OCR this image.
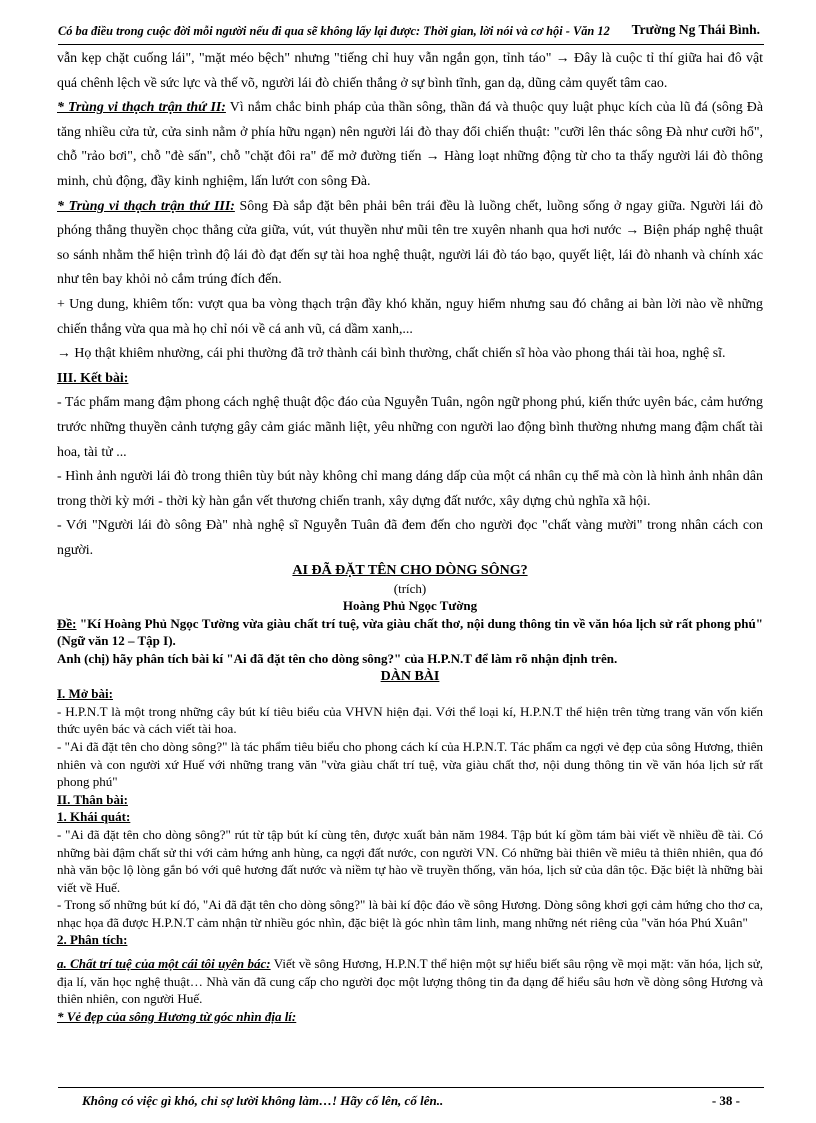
Có ba điều trong cuộc đời mỗi người nếu đi qua sẽ không lấy lại được: Thời gian, lời nói và cơ hội - Văn 12 Trường Ng Thái Bình.

vẫn kẹp chặt cuống lái", "mặt méo bệch" nhưng "tiếng chỉ huy vẫn ngắn gọn, tỉnh táo" → Đây là cuộc tỉ thí giữa hai đô vật quá chênh lệch về sức lực và thế võ, người lái đò chiến thắng ở sự bình tĩnh, gan dạ, dũng cảm quyết tâm cao.

* Trùng vi thạch trận thứ II: Vì nắm chắc binh pháp của thần sông, thần đá và thuộc quy luật phục kích của lũ đá (sông Đà tăng nhiều cửa tử, cửa sinh nằm ở phía hữu ngạn) nên người lái đò thay đổi chiến thuật: "cưỡi lên thác sông Đà như cưỡi hổ", chỗ "rảo bơi", chỗ "đè sấn", chỗ "chặt đôi ra" để mở đường tiến → Hàng loạt những động từ cho ta thấy người lái đò thông minh, chủ động, đầy kinh nghiệm, lấn lướt con sông Đà.

* Trùng vi thạch trận thứ III: Sông Đà sắp đặt bên phải bên trái đều là luồng chết, luồng sống ở ngay giữa. Người lái đò phóng thẳng thuyền chọc thẳng cửa giữa, vút, vút thuyền như mũi tên tre xuyên nhanh qua hơi nước → Biện pháp nghệ thuật so sánh nhằm thể hiện trình độ lái đò đạt đến sự tài hoa nghệ thuật, người lái đò táo bạo, quyết liệt, lái đò nhanh và chính xác như tên bay khỏi nỏ cắm trúng đích đến.

+ Ung dung, khiêm tốn: vượt qua ba vòng thạch trận đầy khó khăn, nguy hiểm nhưng sau đó chẳng ai bàn lời nào về những chiến thắng vừa qua mà họ chỉ nói về cá anh vũ, cá dầm xanh,...

→ Họ thật khiêm nhường, cái phi thường đã trở thành cái bình thường, chất chiến sĩ hòa vào phong thái tài hoa, nghệ sĩ.

III. Kết bài:

- Tác phẩm mang đậm phong cách nghệ thuật độc đáo của Nguyễn Tuân, ngôn ngữ phong phú, kiến thức uyên bác, cảm hướng trước những thuyền cảnh tượng gây cảm giác mãnh liệt, yêu những con người lao động bình thường nhưng mang đậm chất tài hoa, tài tử ...

- Hình ảnh người lái đò trong thiên tùy bút này không chỉ mang dáng dấp của một cá nhân cụ thể mà còn là hình ảnh nhân dân trong thời kỳ mới - thời kỳ hàn gắn vết thương chiến tranh, xây dựng đất nước, xây dựng chủ nghĩa xã hội.

- Với "Người lái đò sông Đà" nhà nghệ sĩ Nguyễn Tuân đã đem đến cho người đọc "chất vàng mười" trong nhân cách con người.

AI ĐÃ ĐẶT TÊN CHO DÒNG SÔNG?

(trích)

Hoàng Phủ Ngọc Tường

Đề: "Kí Hoàng Phủ Ngọc Tường vừa giàu chất trí tuệ, vừa giàu chất thơ, nội dung thông tin về văn hóa lịch sử rất phong phú" (Ngữ văn 12 – Tập I).

Anh (chị) hãy phân tích bài kí "Ai đã đặt tên cho dòng sông?" của H.P.N.T để làm rõ nhận định trên.

DÀN BÀI

I. Mở bài:

- H.P.N.T là một trong những cây bút kí tiêu biểu của VHVN hiện đại. Với thể loại kí, H.P.N.T thể hiện trên từng trang văn vốn kiến thức uyên bác và cách viết tài hoa.

- "Ai đã đặt tên cho dòng sông?" là tác phẩm tiêu biểu cho phong cách kí của H.P.N.T. Tác phẩm ca ngợi vẻ đẹp của sông Hương, thiên nhiên và con người xứ Huế với những trang văn "vừa giàu chất trí tuệ, vừa giàu chất thơ, nội dung thông tin về văn hóa lịch sử rất phong phú"

II. Thân bài:

1. Khái quát:

- "Ai đã đặt tên cho dòng sông?" rút từ tập bút kí cùng tên, được xuất bản năm 1984. Tập bút kí gồm tám bài viết về nhiều đề tài. Có những bài đậm chất sử thi với cảm hứng anh hùng, ca ngợi đất nước, con người VN. Có những bài thiên về miêu tả thiên nhiên, qua đó nhà văn bộc lộ lòng gắn bó với quê hương đất nước và niềm tự hào về truyền thống, văn hóa, lịch sử của dân tộc. Đặc biệt là những bài viết về Huế.

- Trong số những bút kí đó, "Ai đã đặt tên cho dòng sông?" là bài kí độc đáo về sông Hương. Dòng sông khơi gợi cảm hứng cho thơ ca, nhạc họa đã được H.P.N.T cảm nhận từ nhiều góc nhìn, đặc biệt là góc nhìn tâm linh, mang những nét riêng của "văn hóa Phú Xuân"

2. Phân tích:

a. Chất trí tuệ của một cái tôi uyên bác: Viết về sông Hương, H.P.N.T thể hiện một sự hiểu biết sâu rộng về mọi mặt: văn hóa, lịch sử, địa lí, văn học nghệ thuật… Nhà văn đã cung cấp cho người đọc một lượng thông tin đa dạng để hiểu sâu hơn về dòng sông Hương và thiên nhiên, con người Huế.

* Vẻ đẹp của sông Hương từ góc nhìn địa lí:

Không có việc gì khó, chỉ sợ lười không làm…! Hãy cố lên, cố lên..	- 38 -
